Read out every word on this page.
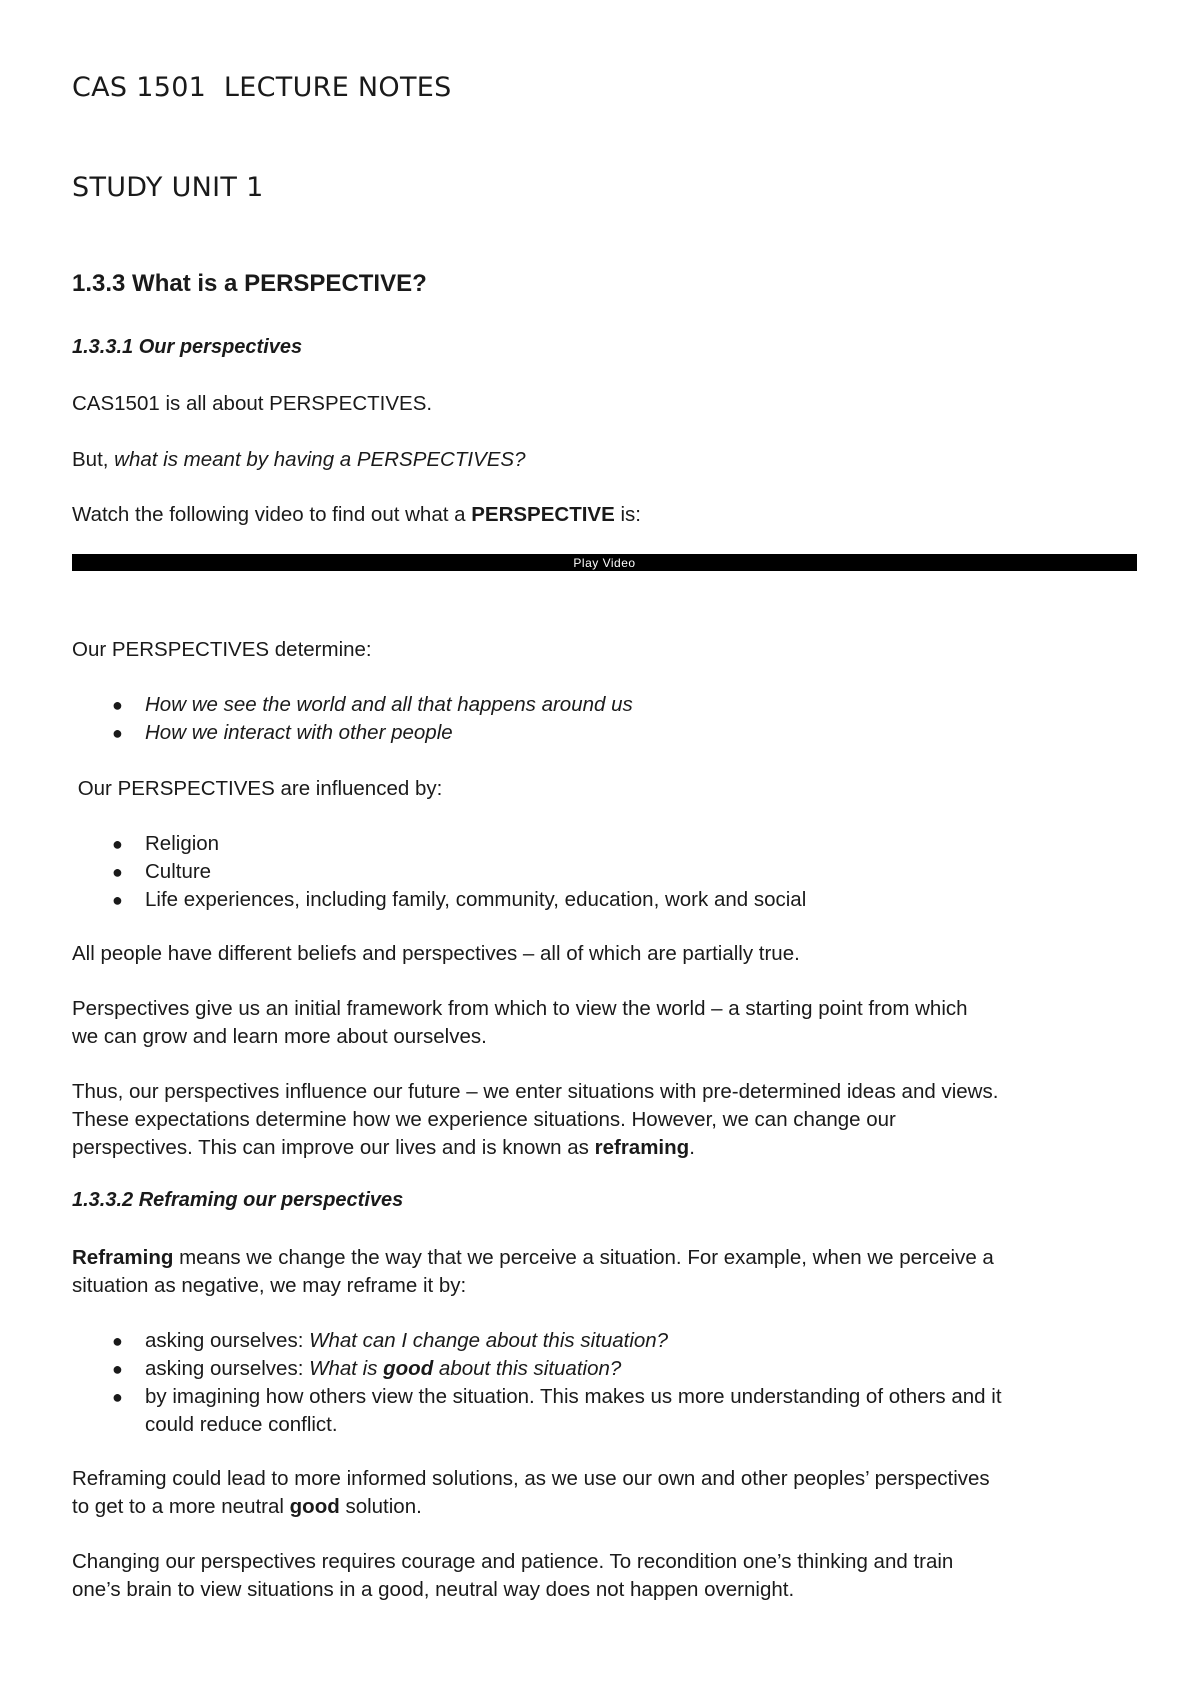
CAS 1501  LECTURE NOTES
STUDY UNIT 1
1.3.3 What is a PERSPECTIVE?
1.3.3.1 Our perspectives

CAS1501 is all about PERSPECTIVES.

But, what is meant by having a PERSPECTIVES?

Watch the following video to find out what a PERSPECTIVE is:

Play Video

Our PERSPECTIVES determine:

● How we see the world and all that happens around us
● How we interact with other people

Our PERSPECTIVES are influenced by:

● Religion
● Culture
● Life experiences, including family, community, education, work and social

All people have different beliefs and perspectives – all of which are partially true.

Perspectives give us an initial framework from which to view the world – a starting point from which
we can grow and learn more about ourselves.

Thus, our perspectives influence our future – we enter situations with pre-determined ideas and views.
These expectations determine how we experience situations. However, we can change our
perspectives. This can improve our lives and is known as reframing.

1.3.3.2 Reframing our perspectives

Reframing means we change the way that we perceive a situation. For example, when we perceive a
situation as negative, we may reframe it by:

● asking ourselves: What can I change about this situation?
● asking ourselves: What is good about this situation?
● by imagining how others view the situation. This makes us more understanding of others and it
could reduce conflict.

Reframing could lead to more informed solutions, as we use our own and other peoples’ perspectives
to get to a more neutral good solution.

Changing our perspectives requires courage and patience. To recondition one’s thinking and train
one’s brain to view situations in a good, neutral way does not happen overnight.
